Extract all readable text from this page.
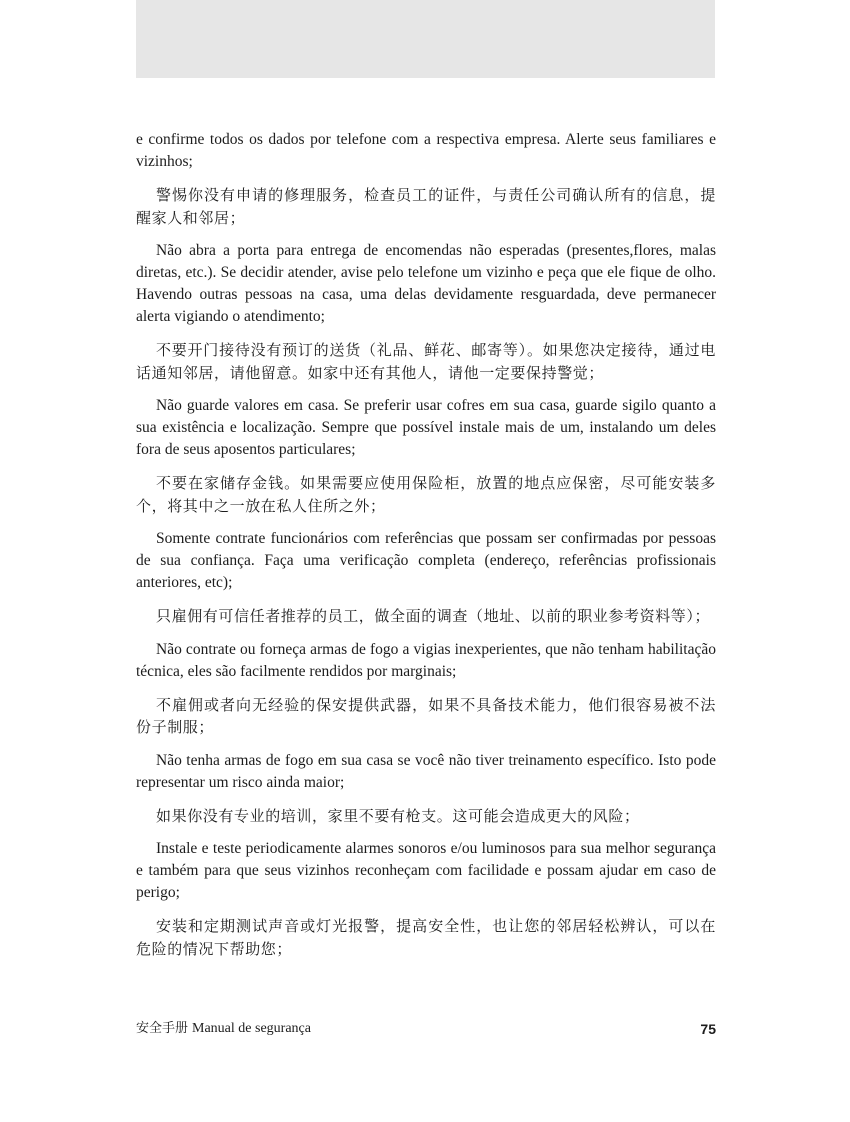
e confirme todos os dados por telefone com a respectiva empresa. Alerte seus familiares e vizinhos;

警惕你没有申请的修理服务，检查员工的证件，与责任公司确认所有的信息，提醒家人和邻居；

Não abra a porta para entrega de encomendas não esperadas (presentes,flores, malas diretas, etc.). Se decidir atender, avise pelo telefone um vizinho e peça que ele fique de olho. Havendo outras pessoas na casa, uma delas devidamente resguardada, deve permanecer alerta vigiando o atendimento;

不要开门接待没有预订的送货（礼品、鲜花、邮寄等）。如果您决定接待，通过电话通知邻居，请他留意。如家中还有其他人，请他一定要保持警觉；

Não guarde valores em casa. Se preferir usar cofres em sua casa, guarde sigilo quanto a sua existência e localização. Sempre que possível instale mais de um, instalando um deles fora de seus aposentos particulares;

不要在家储存金钱。如果需要应使用保险柜，放置的地点应保密，尽可能安装多个，将其中之一放在私人住所之外；

Somente contrate funcionários com referências que possam ser confirmadas por pessoas de sua confiança. Faça uma verificação completa (endereço, referências profissionais anteriores, etc);

只雇佣有可信任者推荐的员工，做全面的调查（地址、以前的职业参考资料等）；

Não contrate ou forneça armas de fogo a vigias inexperientes, que não tenham habilitação técnica, eles são facilmente rendidos por marginais;

不雇佣或者向无经验的保安提供武器，如果不具备技术能力，他们很容易被不法份子制服；

Não tenha armas de fogo em sua casa se você não tiver treinamento específico. Isto pode representar um risco ainda maior;

如果你没有专业的培训，家里不要有枪支。这可能会造成更大的风险；

Instale e teste periodicamente alarmes sonoros e/ou luminosos para sua melhor segurança e também para que seus vizinhos reconheçam com facilidade e possam ajudar em caso de perigo;

安装和定期测试声音或灯光报警，提高安全性，也让您的邻居轻松辨认，可以在危险的情况下帮助您；

安全手册 Manual de segurança	75
